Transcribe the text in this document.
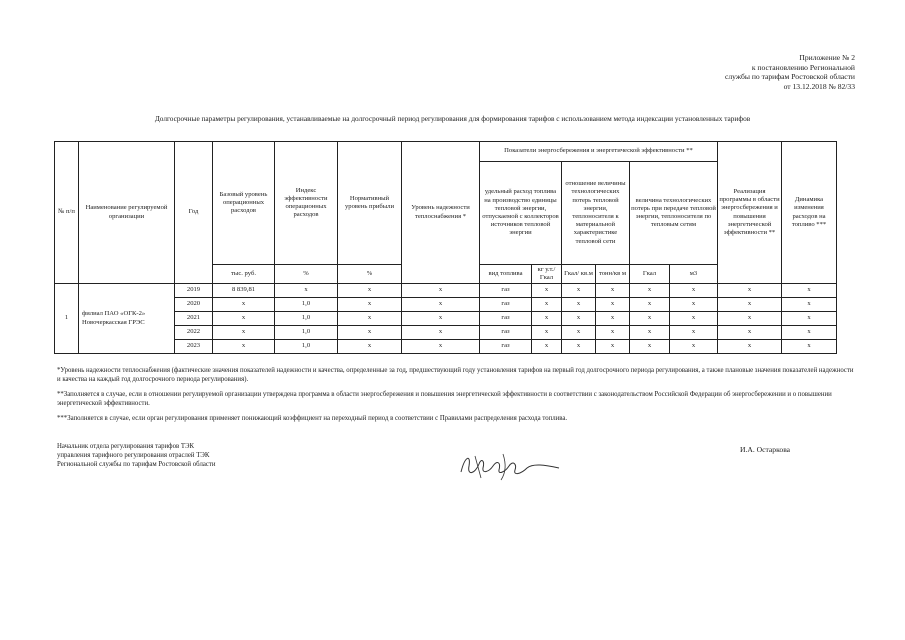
Приложение № 2
к постановлению Региональной
службы по тарифам Ростовской области
от 13.12.2018 № 82/33
Долгосрочные параметры регулирования, устанавливаемые на долгосрочный период регулирования для формирования тарифов с использованием метода индексации установленных тарифов
№ п/п	Наименование регулируемой организации	Год	Базовый уровень операционных расходов	Индекс эффективности операционных расходов	Нормативный уровень прибыли	Уровень надежности теплоснабжения *	Показатели энергосбережения и энергетической эффективности **						Реализация программы в области энергосбережения и повышения энергетической эффективности **	Динамика изменения расходов на топливо ***
							удельный расход топлива на производство единицы тепловой энергии, отпускаемой с коллекторов источников тепловой энергии		отношение величины технологических потерь тепловой энергии, теплоносителя к материальной характеристике тепловой сети		величина технологических потерь при передаче тепловой энергии, теплоносителя по тепловым сетям			
			тыс. руб.	%	%		вид топлива	кг у.т./ Гкал	Гкал/ кв.м	тонн/кв м	Гкал	м3		
1	филиал ПАО «ОГК-2» Новочеркасская ГРЭС	2019	8 839,81	x	x	x	газ	x	x	x	x	x	x	x
		2020	x	1,0	x	x	газ	x	x	x	x	x	x	x
		2021	x	1,0	x	x	газ	x	x	x	x	x	x	x
		2022	x	1,0	x	x	газ	x	x	x	x	x	x	x
		2023	x	1,0	x	x	газ	x	x	x	x	x	x	x

*Уровень надежности теплоснабжения (фактические значения показателей надежности и качества, определенные за год, предшествующий году установления тарифов на первый год долгосрочного периода регулирования, а также плановые значения показателей надежности и качества на каждый год долгосрочного периода регулирования).

**Заполняется в случае, если в отношении регулируемой организации утверждена программа в области энергосбережения и повышения энергетической эффективности в соответствии с законодательством Российской Федерации об энергосбережении и о повышении энергетической эффективности.

***Заполняется в случае, если орган регулирования применяет понижающий коэффициент на переходный период в соответствии с Правилами распределения расхода топлива.

Начальник отдела регулирования тарифов ТЭК
управления тарифного регулирования отраслей ТЭК
Региональной службы по тарифам Ростовской области
И.А. Остаркова
